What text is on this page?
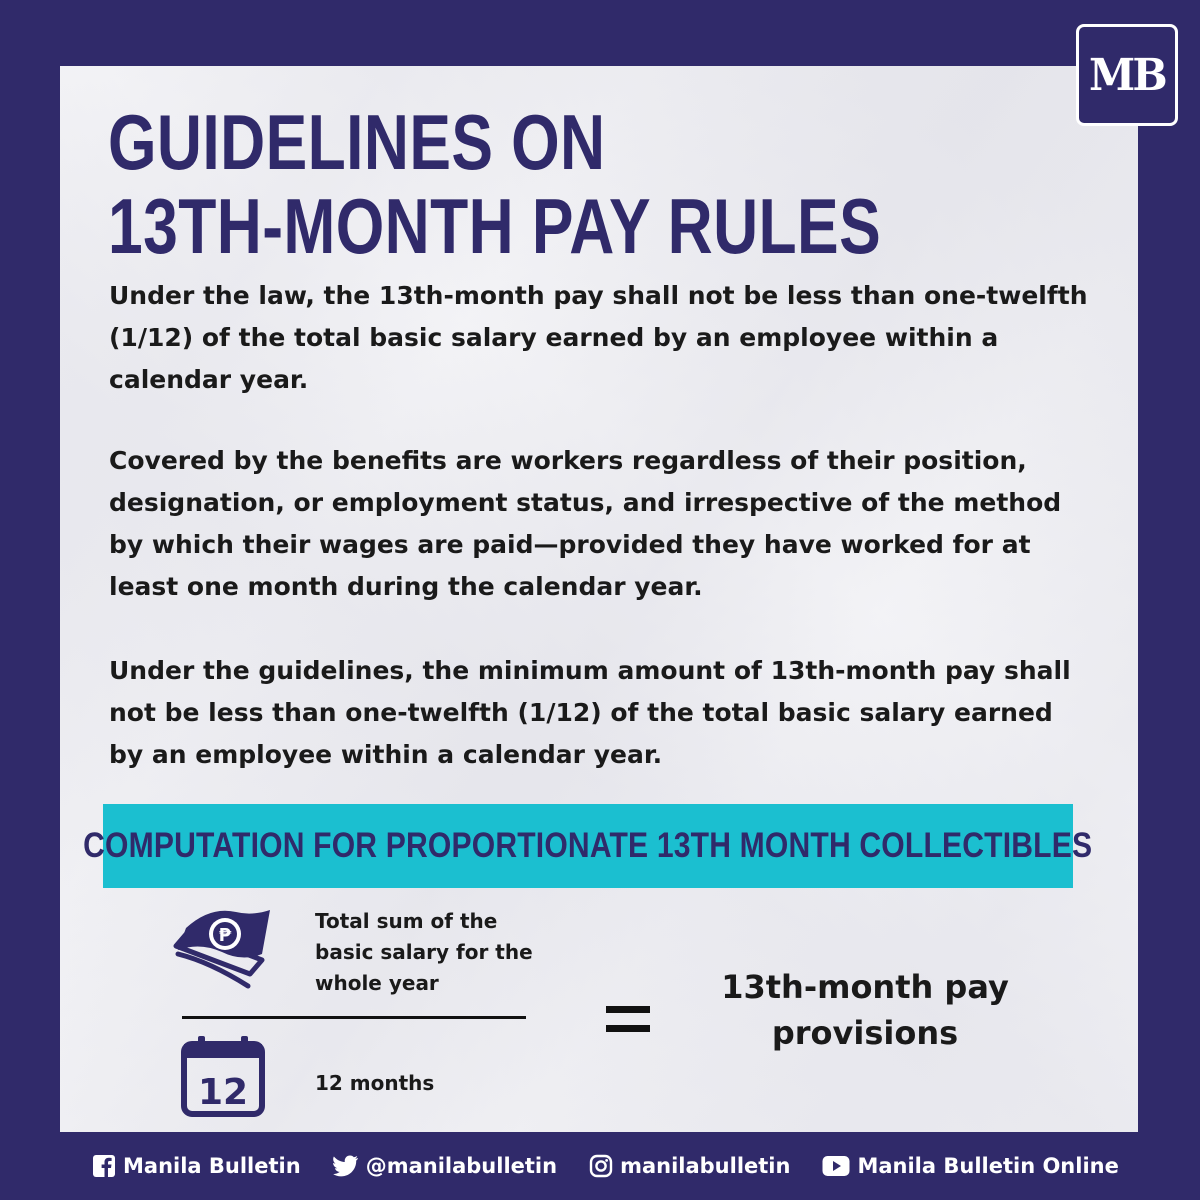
MB
GUIDELINES ON
13TH-MONTH PAY RULES

Under the law, the 13th-month pay shall not be less than one-twelfth (1/12) of the total basic salary earned by an employee within a calendar year.

Covered by the benefits are workers regardless of their position, designation, or employment status, and irrespective of the method by which their wages are paid—provided they have worked for at least one month during the calendar year.

Under the guidelines, the minimum amount of 13th-month pay shall not be less than one-twelfth (1/12) of the total basic salary earned by an employee within a calendar year.

COMPUTATION FOR PROPORTIONATE 13TH MONTH COLLECTIBLES
₱

Total sum of the basic salary for the whole year

12	12 months

13th-month pay provisions

Manila Bulletin	@manilabulletin	manilabulletin	Manila Bulletin Online
